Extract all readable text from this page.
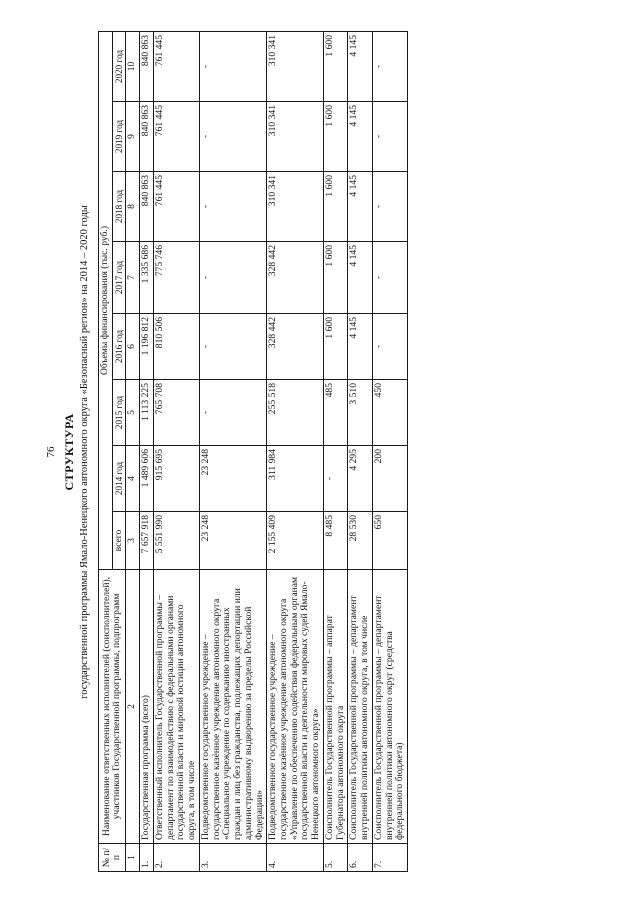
76 СТРУКТУРА государственной программы Ямало-Ненецкого автономного округа «Безопасный регион» на 2014 – 2020 годы
№ п/п	Наименование ответственных исполнителей (соисполнителей), участников Государственной программы, подпрограмм	Объемы финансирования (тыс. руб.)							
		всего	2014 год	2015 год	2016 год	2017 год	2018 год	2019 год	2020 год
1	2	3	4	5	6	7	8	9	10
1.	Государственная программа (всего)	7 657 918	1 489 606	1 113 225	1 196 812	1 335 686	840 863	840 863	840 863
2.	Ответственный исполнитель Государственной программы – департамент по взаимодействию с федеральными органами государственной власти и мировой юстиции автономного округа, в том числе	5 551 990	915 695	765 708	810 506	775 746	761 445	761 445	761 445
3.	Подведомственное государственное учреждение – государственное казённое учреждение автономного округа «Специальное учреждение по содержанию иностранных граждан и лиц без гражданства, подлежащих депортации или административному выдворению за пределы Российской Федерации»	23 248	23 248	-	-	-	-	-	-
4.	Подведомственное государственное учреждение – государственное казённое учреждение автономного округа «Управление по обеспечению содействия федеральным органам государственной власти и деятельности мировых судей Ямало-Ненецкого автономного округа»	2 155 409	311 984	255 518	328 442	328 442	310 341	310 341	310 341
5.	Соисполнитель Государственной программы – аппарат Губернатора автономного округа	8 485	-	485	1 600	1 600	1 600	1 600	1 600
6.	Соисполнитель Государственной программы – департамент внутренней политики автономного округа, в том числе	28 530	4 295	3 510	4 145	4 145	4 145	4 145	4 145
7.	Соисполнитель Государственной программы – департамент внутренней политики автономного округ (средства федерального бюджета)	650	200	450	-	-	-	-	-
